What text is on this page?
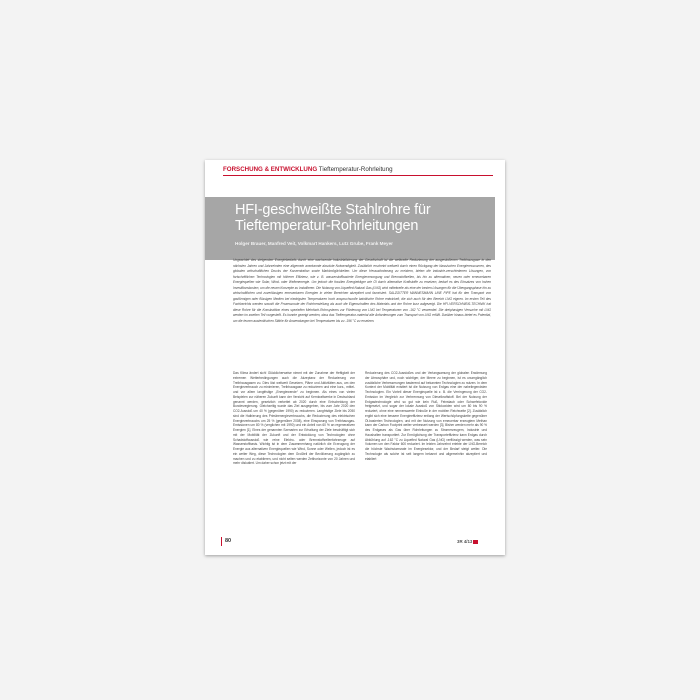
FORSCHUNG & ENTWICKLUNG Tieftemperatur-Rohrleitung
HFI-geschweißte Stahlrohre für Tieftemperatur-Rohrleitungen
Holger Brauer, Manfred Veit, Volkmart Hankers, Lutz Grube, Frank Meyer
Ungeachtet des steigenden Energiebedarfs durch eine wachsende Industrialisierung der Gesellschaft ist die weltweite Reduzierung der ausgestoßenen Treibhausgase in den nächsten Jahren und Jahrzehnten eine allgemein anerkannte absolute Notwendigkeit. Zusätzlich erscheint weltweit durch einen Rückgang der klassischen Energieressourcen, des globalen wirtschaftlichen Drucks der Konzentration sowie Marktmöglichkeiten. Um diese Herausforderung zu meistern, bieten die industrie-verschiedenen Lösungen, von fortschrittlichen Technologien mit höherer Effizienz, wie z. B. wasserstoffbasierte Energieversorgung und Brennstoffzellen, bis hin zu alternativen, neuen oder erneuerbaren Energiequellen wie Solar, Wind- oder Wellenenergie. Um jedoch die fossilen Energieträger wie Öl durch alternative Kraftstoffe zu ersetzen, bedarf es des Einsatzes von hohen Investitionskosten, um die neuen Konzepte zu installieren. Die Nutzung von Liquefied Natural Gas (LNG) wird mittelweile als eine der besten Lösungen für die Übergangsphase hin zu wirtschaftlichen und zuverlässigen erneuerbaren Energien in vielen Bereichen akzeptiert und favorisiert. SALZGITTER MANNESMANN LINE PIPE hat für den Transport von gasförmigen oder flüssigen Medien bei niedrigsten Temperaturen hoch anspruchsvolle bainitische Rohre entwickelt, die sich auch für den Bereich LNG eignen. Im ersten Teil des Fachberichts werden sowohl die Prozessroute der Rohrherstellung als auch die Eigenschaften des Materials und der Rohre kurz aufgezeigt. Die HFI-VERSCHWEIß-TECHNIK hat diese Rohre für die Konstruktion eines speziellen Mehrfach-Rohrsystems zur Förderung von LNG bei Temperaturen von -162 °C verwendet. Die dreiphasigen Versuche mit LNG werden im zweiten Teil vorgestellt. Es konnte gezeigt werden, dass das Tieftemperatur-material alle Anforderungen zum Transport von LNG erfüllt. Darüber hinaus bietet es Potential, um die teuren austenitischen Stähle für Anwendungen bei Temperaturen bis zu -196 °C zu ersetzen.
Das Klima ändert sich! Glücklicherweise nimmt mit der Zunahme der Heftigkeit der extremen Wetterbedingungen auch die Akzeptanz der Reduzierung von Treibhausgasen zu. Dies löst weltweit Gesetzen, Pläne und Aktivitäten aus, um den Energieverbrauch zu minimieren, Treibhausgase zu reduzieren und eine kurz-, mittel- und vor allem langfristige „Energiewende“ zu beginnen. Als eines von vielen Beispielen zur näheren Zukunft kann der Verzicht auf Kernkraftwerke in Deutschland genannt werden, gesetzlich verkettet ab 2020 durch eine Entscheidung der Bundesregierung. Gleichzeitig wurde das Ziel ausgegeben, bis zum Jahr 2020 den CO2-Ausstoß um 40 % (gegenüber 1990) zu reduzieren. Langfristige Ziele bis 2050 sind die Halbierung des Primärenergieverbrauchs, die Reduzierung des elektrischen Energieverbrauchs um 25 % (gegenüber 2008), eine Einsparung von Treibhausgas-Emissionen um 80 % (verglichen mit 1990) und ein Anteil von 60 % an regenerativen Energien [1]. Eines der genannten Szenarien zur Erhaltung der Ziele beschäftigt sich mit der Mobilität der Zukunft und der Entwicklung von Technologien ohne Schadstoffausstoß wie reine Elektro- oder Brennstoffzellenfahrzeuge auf Wasserstoffbasis. Wichtig ist in dem Zusammenhang natürlich die Erzeugung der Energie aus alternativen Energiequellen wie Wind, Sonne oder Wellen, jedoch ist es ein weiter Weg, diese Technologien dem Großteil der Bevölkerung zugänglich zu machen und zu etablieren, und nicht selten werden Zeithorizonte von 20 Jahren und mehr diskutiert. Um daher schon jetzt mit der
Reduzierung des CO2-Ausstoßes und der Verlangsamung der globalen Erwärmung der Atmosphäre und, noch wichtiger, der Meere zu beginnen, ist es unumgänglich zusätzliche Verbesserungen basierend auf bekannten Technologien zu nutzen. In dem Kontext der Mobilität existiert ist die Nutzung von Erdgas eine der naheliegendsten Technologien. Ein Vorteil dieser Energiequelle ist z. B. die Verringerung der CO2-Emission im Vergleich zur Verbrennung von Dieselkraftstoff. Bei der Nutzung der Erdgastechnologie wird so gut wie kein Ruß, Feinstaub oder Schwefeloxide freigesetzt, und sogar der lokale Ausstoß von Stickoxiden wird um 80 bis 90 % reduziert, ohne eine nennenswerte Einbuße in der mobilen Reichweite [2]. Zusätzlich ergibt sich eine bessere Energieeffizienz entlang der Wertschöpfungskette gegenüber Öl-basierten Technologien, und mit der Nutzung von erneuerbar erzeugtem Methan kann der Carbon Footprint weiter verbessert werden [3]. Bisher werden mehr als 90 % des Erdgases als Gas über Rohrleitungen zu Stromerzeugern, Industrie und Haushalten transportiert. Zur Ermöglichung der Transporteffizienz kann Erdgas durch Abkühlung auf -162 °C zu Liquefied Natural Gas (LNG) verflüssigt werden, was sein Volumen um den Faktor 600 reduziert. Im letzten Jahrzehnt erlebte der LNG-Bereich die höchste Wachstumsrate im Energiesektor, und der Bedarf steigt weiter. Die Technologie als solche ist seit langem bekannt und allgemeinhin akzeptiert und etabliert
80	3R 4/13
